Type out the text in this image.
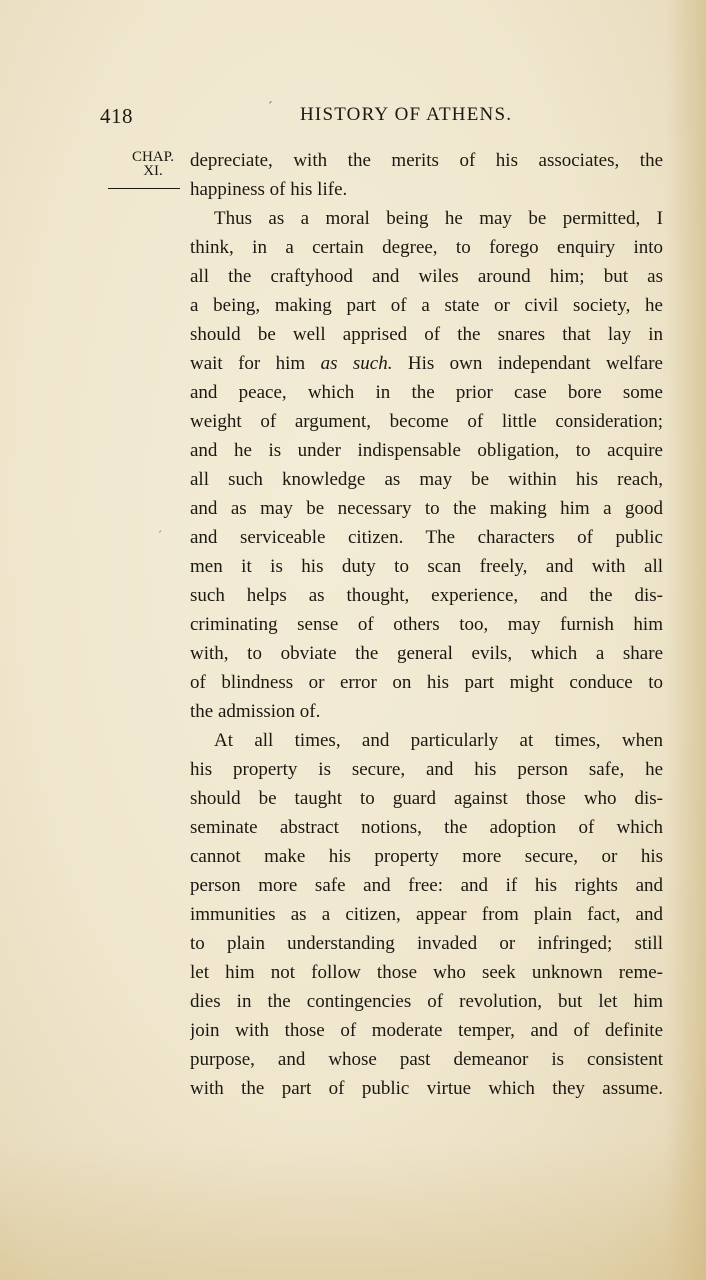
418	ˊ HISTORY OF ATHENS.
CHAP.
XI.
ˊ
depreciate, with the merits of his associates, the
happiness of his life.
Thus as a moral being he may be permitted, I
think, in a certain degree, to forego enquiry into
all the craftyhood and wiles around him; but as
a being, making part of a state or civil society, he
should be well apprised of the snares that lay in
wait for him as such. His own independant welfare
and peace, which in the prior case bore some
weight of argument, become of little consideration;
and he is under indispensable obligation, to acquire
all such knowledge as may be within his reach,
and as may be necessary to the making him a good
and serviceable citizen. The characters of public
men it is his duty to scan freely, and with all
such helps as thought, experience, and the dis-
criminating sense of others too, may furnish him
with, to obviate the general evils, which a share
of blindness or error on his part might conduce to
the admission of.
At all times, and particularly at times, when
his property is secure, and his person safe, he
should be taught to guard against those who dis-
seminate abstract notions, the adoption of which
cannot make his property more secure, or his
person more safe and free: and if his rights and
immunities as a citizen, appear from plain fact, and
to plain understanding invaded or infringed; still
let him not follow those who seek unknown reme-
dies in the contingencies of revolution, but let him
join with those of moderate temper, and of definite
purpose, and whose past demeanor is consistent
with the part of public virtue which they assume.
